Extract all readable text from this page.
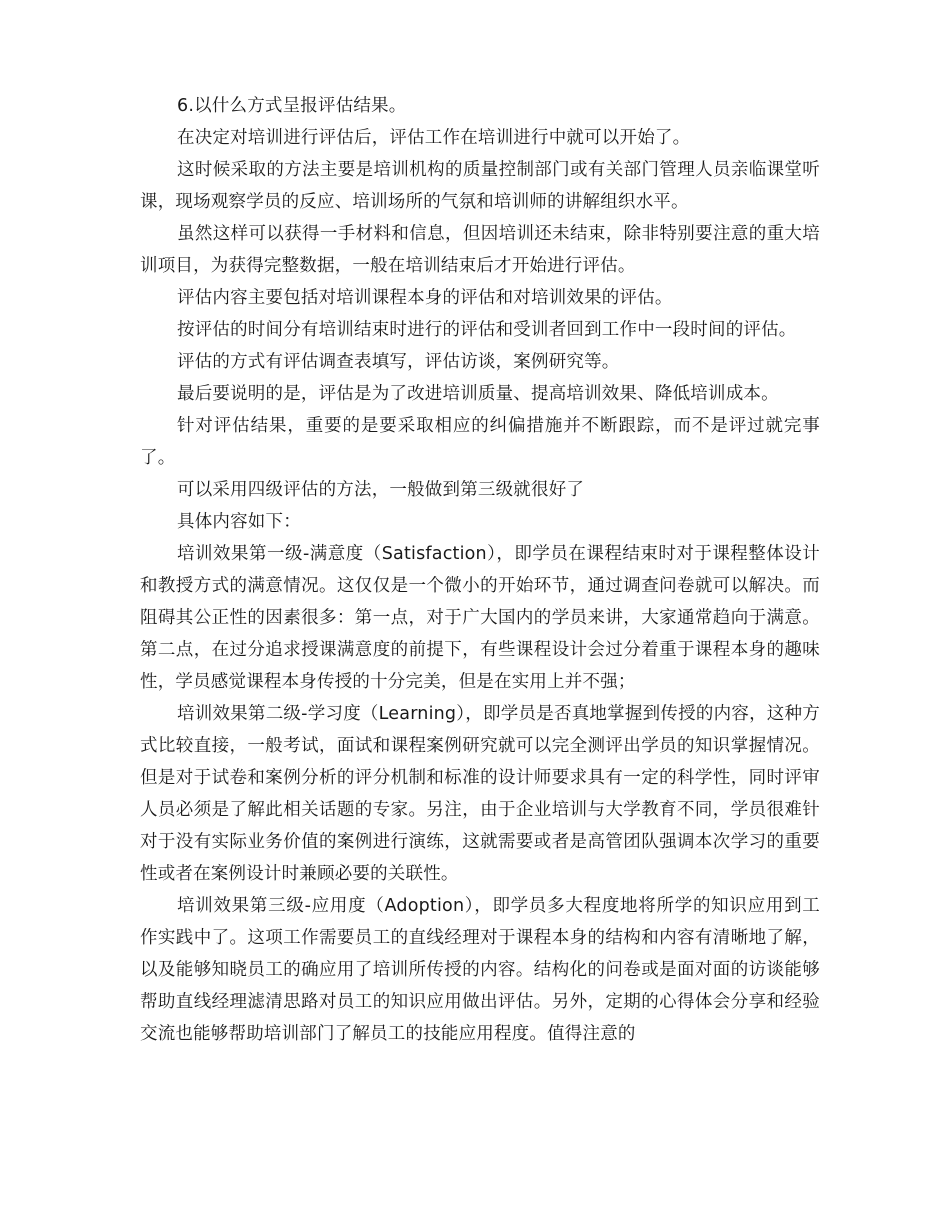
6.以什么方式呈报评估结果。

在决定对培训进行评估后，评估工作在培训进行中就可以开始了。

这时候采取的方法主要是培训机构的质量控制部门或有关部门管理人员亲临课堂听课，现场观察学员的反应、培训场所的气氛和培训师的讲解组织水平。

虽然这样可以获得一手材料和信息，但因培训还未结束，除非特别要注意的重大培训项目，为获得完整数据，一般在培训结束后才开始进行评估。

评估内容主要包括对培训课程本身的评估和对培训效果的评估。

按评估的时间分有培训结束时进行的评估和受训者回到工作中一段时间的评估。

评估的方式有评估调查表填写，评估访谈，案例研究等。

最后要说明的是，评估是为了改进培训质量、提高培训效果、降低培训成本。

针对评估结果，重要的是要采取相应的纠偏措施并不断跟踪，而不是评过就完事了。

可以采用四级评估的方法，一般做到第三级就很好了

具体内容如下：

培训效果第一级-满意度（Satisfaction），即学员在课程结束时对于课程整体设计和教授方式的满意情况。这仅仅是一个微小的开始环节，通过调查问卷就可以解决。而阻碍其公正性的因素很多：第一点，对于广大国内的学员来讲，大家通常趋向于满意。第二点，在过分追求授课满意度的前提下，有些课程设计会过分着重于课程本身的趣味性，学员感觉课程本身传授的十分完美，但是在实用上并不强；

培训效果第二级-学习度（Learning），即学员是否真地掌握到传授的内容，这种方式比较直接，一般考试，面试和课程案例研究就可以完全测评出学员的知识掌握情况。但是对于试卷和案例分析的评分机制和标准的设计师要求具有一定的科学性，同时评审人员必须是了解此相关话题的专家。另注，由于企业培训与大学教育不同，学员很难针对于没有实际业务价值的案例进行演练，这就需要或者是高管团队强调本次学习的重要性或者在案例设计时兼顾必要的关联性。

培训效果第三级-应用度（Adoption），即学员多大程度地将所学的知识应用到工作实践中了。这项工作需要员工的直线经理对于课程本身的结构和内容有清晰地了解，以及能够知晓员工的确应用了培训所传授的内容。结构化的问卷或是面对面的访谈能够帮助直线经理滤清思路对员工的知识应用做出评估。另外，定期的心得体会分享和经验交流也能够帮助培训部门了解员工的技能应用程度。值得注意的
